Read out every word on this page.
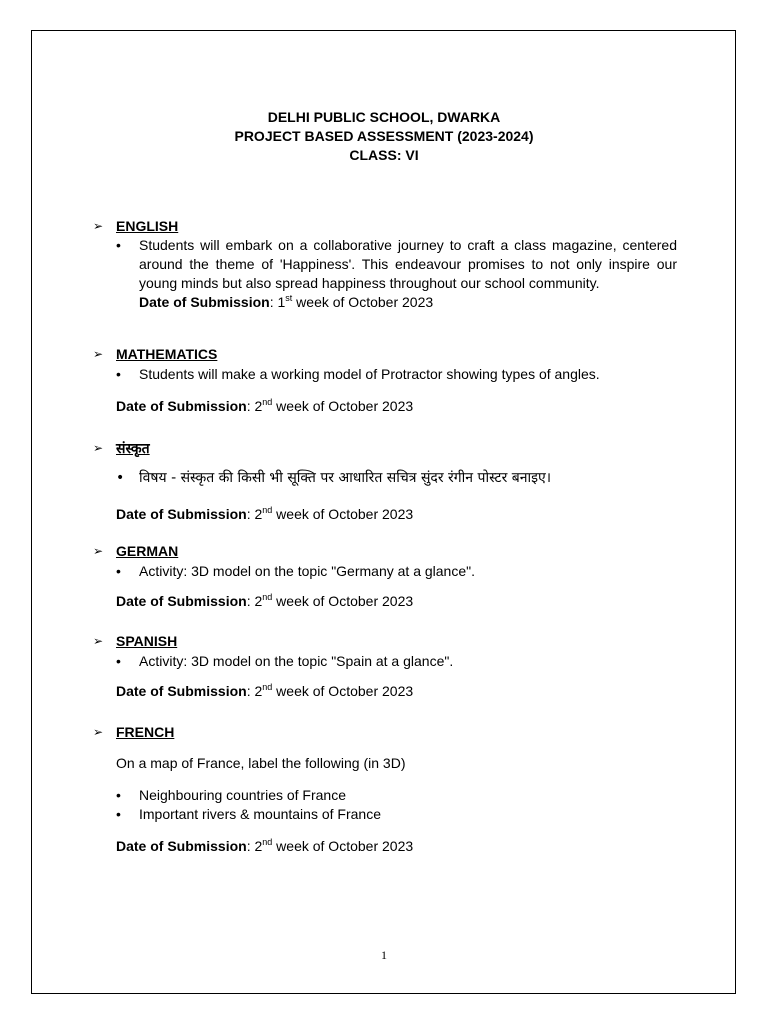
DELHI PUBLIC SCHOOL, DWARKA
PROJECT BASED ASSESSMENT (2023-2024)
CLASS: VI
➢ ENGLISH
• Students will embark on a collaborative journey to craft a class magazine, centered around the theme of 'Happiness'. This endeavour promises to not only inspire our young minds but also spread happiness throughout our school community.
Date of Submission: 1st week of October 2023
➢ MATHEMATICS
• Students will make a working model of Protractor showing types of angles.
Date of Submission: 2nd week of October 2023
➢ संस्कृत
• विषय - संस्कृत की किसी भी सूक्ति पर आधारित सचित्र सुंदर रंगीन पोस्टर बनाइए।
Date of Submission: 2nd week of October 2023
➢ GERMAN
• Activity: 3D model on the topic "Germany at a glance".
Date of Submission: 2nd week of October 2023
➢ SPANISH
• Activity: 3D model on the topic "Spain at a glance".
Date of Submission: 2nd week of October 2023
➢ FRENCH
On a map of France, label the following (in 3D)
• Neighbouring countries of France
• Important rivers & mountains of France
Date of Submission: 2nd week of October 2023
1
